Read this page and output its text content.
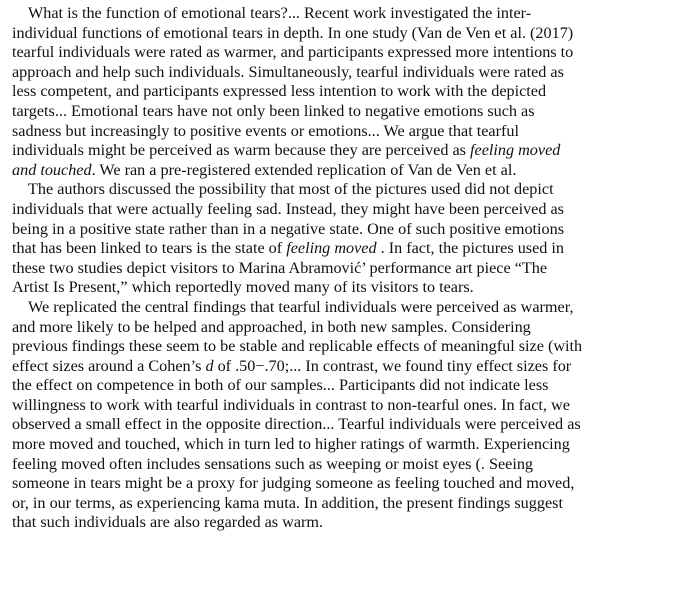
What is the function of emotional tears?... Recent work investigated the inter-
individual functions of emotional tears in depth. In one study (Van de Ven et al. (2017)
tearful individuals were rated as warmer, and participants expressed more intentions to
approach and help such individuals. Simultaneously, tearful individuals were rated as
less competent, and participants expressed less intention to work with the depicted
targets... Emotional tears have not only been linked to negative emotions such as
sadness but increasingly to positive events or emotions... We argue that tearful
individuals might be perceived as warm because they are perceived as feeling moved
and touched. We ran a pre-registered extended replication of Van de Ven et al.
The authors discussed the possibility that most of the pictures used did not depict
individuals that were actually feeling sad. Instead, they might have been perceived as
being in a positive state rather than in a negative state. One of such positive emotions
that has been linked to tears is the state of feeling moved . In fact, the pictures used in
these two studies depict visitors to Marina Abramović’ performance art piece “The
Artist Is Present,” which reportedly moved many of its visitors to tears.
We replicated the central findings that tearful individuals were perceived as warmer,
and more likely to be helped and approached, in both new samples. Considering
previous findings these seem to be stable and replicable effects of meaningful size (with
effect sizes around a Cohen’s d of .50−.70;... In contrast, we found tiny effect sizes for
the effect on competence in both of our samples... Participants did not indicate less
willingness to work with tearful individuals in contrast to non-tearful ones. In fact, we
observed a small effect in the opposite direction... Tearful individuals were perceived as
more moved and touched, which in turn led to higher ratings of warmth. Experiencing
feeling moved often includes sensations such as weeping or moist eyes (. Seeing
someone in tears might be a proxy for judging someone as feeling touched and moved,
or, in our terms, as experiencing kama muta. In addition, the present findings suggest
that such individuals are also regarded as warm.
